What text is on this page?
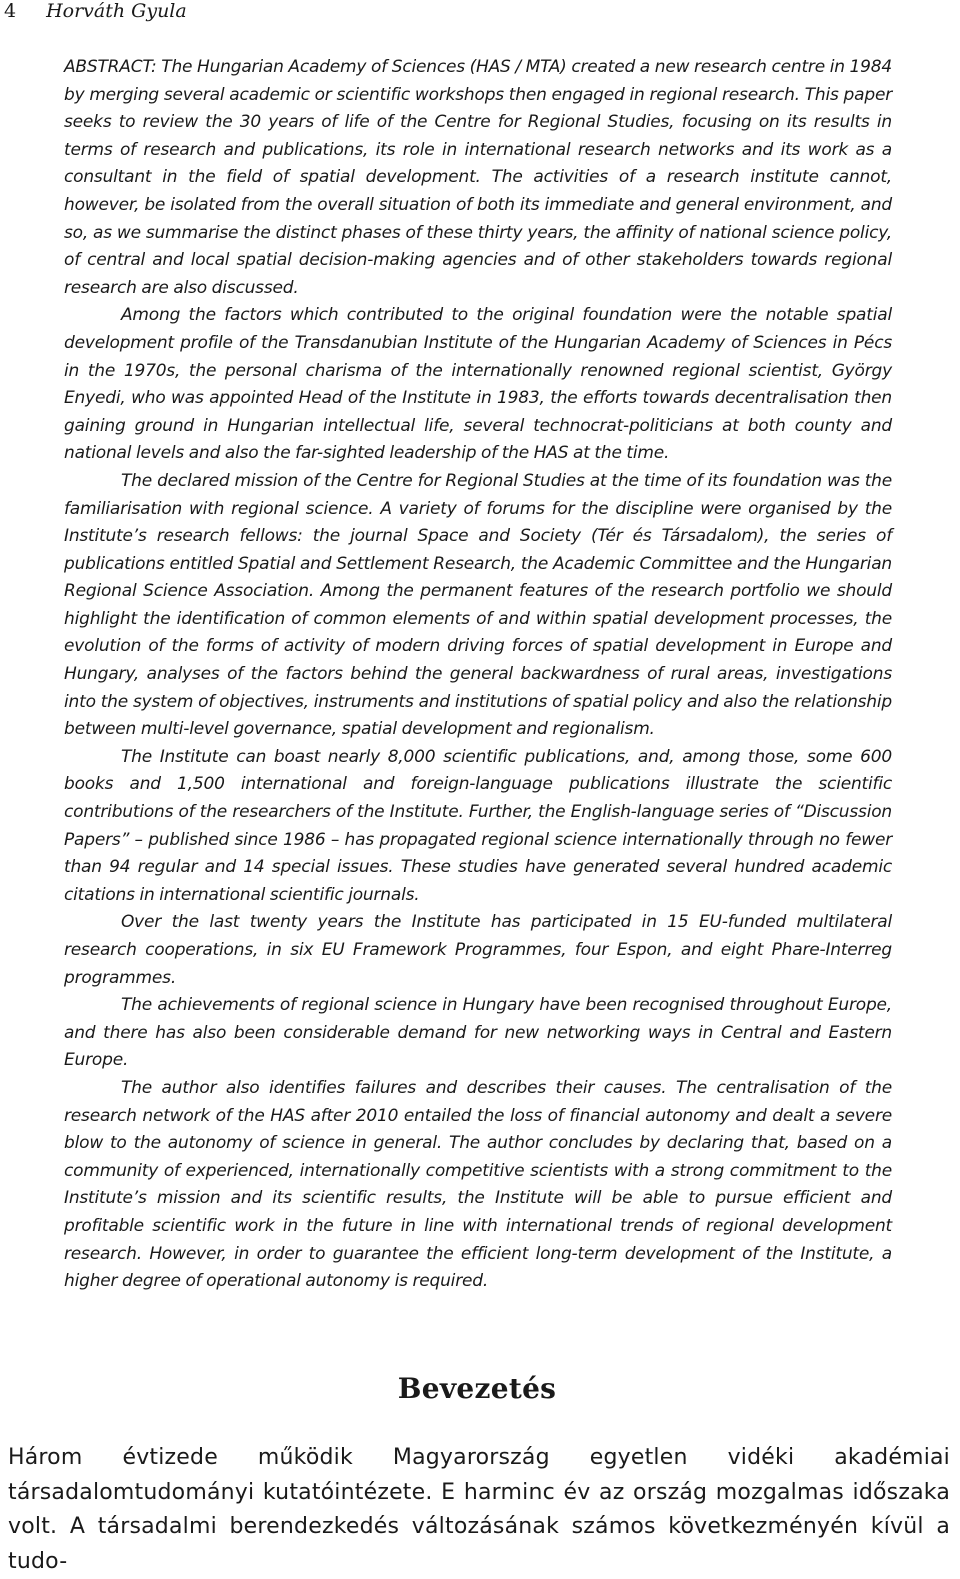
4 Horváth Gyula

ABSTRACT: The Hungarian Academy of Sciences (HAS / MTA) created a new research centre in 1984 by merging several academic or scientific workshops then engaged in regional research. This paper seeks to review the 30 years of life of the Centre for Regional Studies, focusing on its results in terms of research and publications, its role in international research networks and its work as a consultant in the field of spatial development. The activities of a research institute cannot, however, be isolated from the overall situation of both its immediate and general environment, and so, as we summarise the distinct phases of these thirty years, the affinity of national science policy, of central and local spatial decision-making agencies and of other stakeholders towards regional research are also discussed.

Among the factors which contributed to the original foundation were the notable spatial development profile of the Transdanubian Institute of the Hungarian Academy of Sciences in Pécs in the 1970s, the personal charisma of the internationally renowned regional scientist, György Enyedi, who was appointed Head of the Institute in 1983, the efforts towards decentralisation then gaining ground in Hungarian intellectual life, several technocrat-politicians at both county and national levels and also the far-sighted leadership of the HAS at the time.

The declared mission of the Centre for Regional Studies at the time of its foundation was the familiarisation with regional science. A variety of forums for the discipline were organised by the Institute’s research fellows: the journal Space and Society (Tér és Társadalom), the series of publications entitled Spatial and Settlement Research, the Academic Committee and the Hungarian Regional Science Association. Among the permanent features of the research portfolio we should highlight the identification of common elements of and within spatial development processes, the evolution of the forms of activity of modern driving forces of spatial development in Europe and Hungary, analyses of the factors behind the general backwardness of rural areas, investigations into the system of objectives, instruments and institutions of spatial policy and also the relationship between multi-level governance, spatial development and regionalism.

The Institute can boast nearly 8,000 scientific publications, and, among those, some 600 books and 1,500 international and foreign-language publications illustrate the scientific contributions of the researchers of the Institute. Further, the English-language series of “Discussion Papers” – published since 1986 – has propagated regional science internationally through no fewer than 94 regular and 14 special issues. These studies have generated several hundred academic citations in international scientific journals.

Over the last twenty years the Institute has participated in 15 EU-funded multilateral research cooperations, in six EU Framework Programmes, four Espon, and eight Phare-Interreg programmes.

The achievements of regional science in Hungary have been recognised throughout Europe, and there has also been considerable demand for new networking ways in Central and Eastern Europe.

The author also identifies failures and describes their causes. The centralisation of the research network of the HAS after 2010 entailed the loss of financial autonomy and dealt a severe blow to the autonomy of science in general. The author concludes by declaring that, based on a community of experienced, internationally competitive scientists with a strong commitment to the Institute’s mission and its scientific results, the Institute will be able to pursue efficient and profitable scientific work in the future in line with international trends of regional development research. However, in order to guarantee the efficient long-term development of the Institute, a higher degree of operational autonomy is required.

Bevezetés

Három évtizede működik Magyarország egyetlen vidéki akadémiai társadalomtudományi kutatóintézete. E harminc év az ország mozgalmas időszaka volt. A társadalmi berendezkedés változásának számos következményén kívül a tudo-
